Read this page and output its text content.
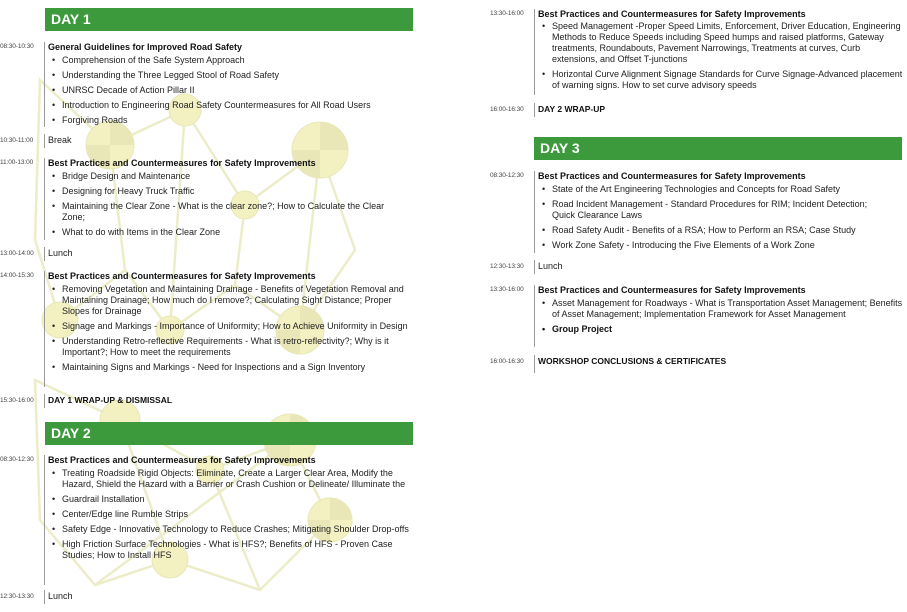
DAY 1
08:30-10:30 General Guidelines for Improved Road Safety
• Comprehension of the Safe System Approach
• Understanding the Three Legged Stool of Road Safety
• UNRSC Decade of Action Pillar II
• Introduction to Engineering Road Safety Countermeasures for All Road Users
• Forgiving Roads
10:30-11:00 Break
11:00-13:00 Best Practices and Countermeasures for Safety Improvements
• Bridge Design and Maintenance
• Designing for Heavy Truck Traffic
• Maintaining the Clear Zone - What is the clear zone?; How to Calculate the Clear Zone;
• What to do with Items in the Clear Zone
13:00-14:00 Lunch
14:00-15:30 Best Practices and Countermeasures for Safety Improvements
• Removing Vegetation and Maintaining Drainage - Benefits of Vegetation Removal and Maintaining Drainage; How much do I remove?; Calculating Sight Distance; Proper Slopes for Drainage
• Signage and Markings - Importance of Uniformity; How to Achieve Uniformity in Design
• Understanding Retro-reflective Requirements - What is retro-reflectivity?; Why is it Important?; How to meet the requirements
• Maintaining Signs and Markings - Need for Inspections and a Sign Inventory
15:30-16:00 DAY 1 WRAP-UP & DISMISSAL
DAY 2
08:30-12:30 Best Practices and Countermeasures for Safety Improvements
• Treating Roadside Rigid Objects: Eliminate, Create a Larger Clear Area, Modify the Hazard, Shield the Hazard with a Barrier or Crash Cushion or Delineate/ Illuminate the
• Guardrail Installation
• Center/Edge line Rumble Strips
• Safety Edge - Innovative Technology to Reduce Crashes; Mitigating Shoulder Drop-offs
• High Friction Surface Technologies - What is HFS?; Benefits of HFS - Proven Case Studies; How to Install HFS
12:30-13:30 Lunch
13:30-16:00 Best Practices and Countermeasures for Safety Improvements
• Speed Management -Proper Speed Limits, Enforcement, Driver Education, Engineering Methods to Reduce Speeds including Speed humps and raised platforms, Gateway treatments, Roundabouts, Pavement Narrowings, Treatments at curves, Curb extensions, and Offset T-junctions
• Horizontal Curve Alignment Signage Standards for Curve Signage-Advanced placement of warning signs. How to set curve advisory speeds
16:00-16:30 DAY 2 WRAP-UP
DAY 3
08:30-12:30 Best Practices and Countermeasures for Safety Improvements
• State of the Art Engineering Technologies and Concepts for Road Safety
• Road Incident Management - Standard Procedures for RIM; Incident Detection; Quick Clearance Laws
• Road Safety Audit - Benefits of a RSA; How to Perform an RSA; Case Study
• Work Zone Safety - Introducing the Five Elements of a Work Zone
12:30-13:30 Lunch
13:30-16:00 Best Practices and Countermeasures for Safety Improvements
• Asset Management for Roadways - What is Transportation Asset Management; Benefits of Asset Management; Implementation Framework for Asset Management
• Group Project
16:00-16:30 WORKSHOP CONCLUSIONS & CERTIFICATES
